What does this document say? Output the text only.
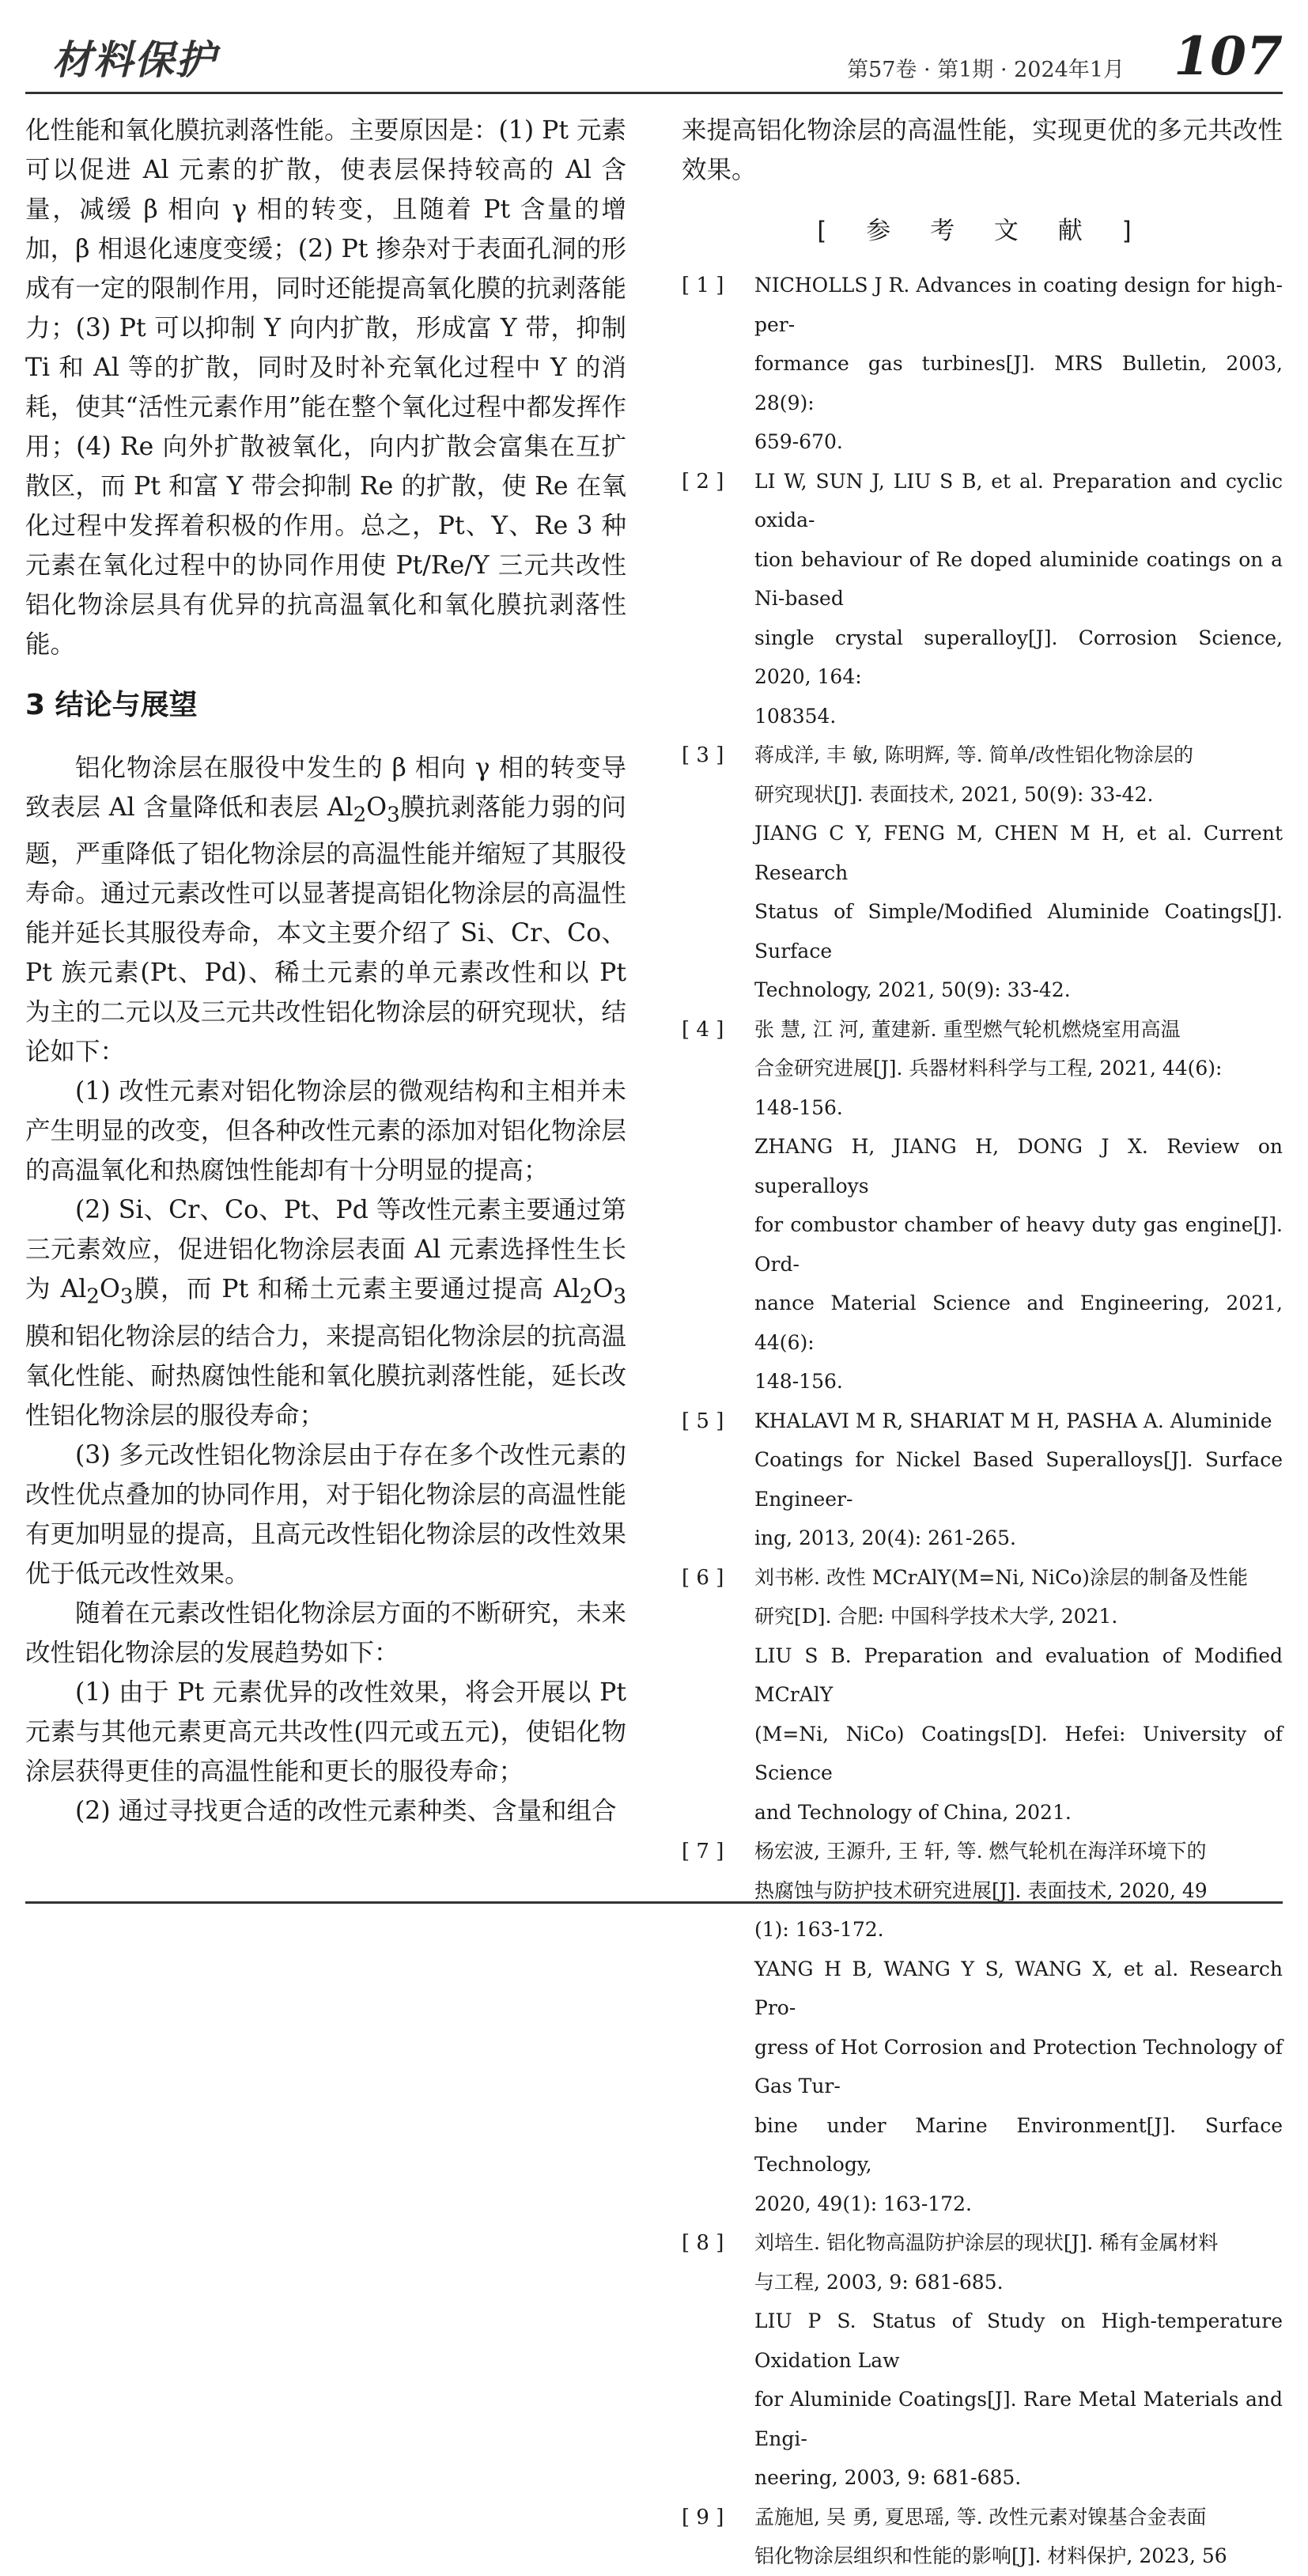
材料保护	第57卷 · 第1期 · 2024年1月 107

化性能和氧化膜抗剥落性能。主要原因是：(1) Pt 元素可以促进 Al 元素的扩散，使表层保持较高的 Al 含量，减缓 β 相向 γ 相的转变，且随着 Pt 含量的增加，β 相退化速度变缓；(2) Pt 掺杂对于表面孔洞的形成有一定的限制作用，同时还能提高氧化膜的抗剥落能力；(3) Pt 可以抑制 Y 向内扩散，形成富 Y 带，抑制 Ti 和 Al 等的扩散，同时及时补充氧化过程中 Y 的消耗，使其“活性元素作用”能在整个氧化过程中都发挥作用；(4) Re 向外扩散被氧化，向内扩散会富集在互扩散区，而 Pt 和富 Y 带会抑制 Re 的扩散，使 Re 在氧化过程中发挥着积极的作用。总之，Pt、Y、Re 3 种元素在氧化过程中的协同作用使 Pt/Re/Y 三元共改性铝化物涂层具有优异的抗高温氧化和氧化膜抗剥落性能。

3 结论与展望

铝化物涂层在服役中发生的 β 相向 γ 相的转变导致表层 Al 含量降低和表层 $Al_2O_3$膜抗剥落能力弱的问题，严重降低了铝化物涂层的高温性能并缩短了其服役寿命。通过元素改性可以显著提高铝化物涂层的高温性能并延长其服役寿命，本文主要介绍了 Si、Cr、Co、Pt 族元素(Pt、Pd)、稀土元素的单元素改性和以 Pt 为主的二元以及三元共改性铝化物涂层的研究现状，结论如下：

(1) 改性元素对铝化物涂层的微观结构和主相并未产生明显的改变，但各种改性元素的添加对铝化物涂层的高温氧化和热腐蚀性能却有十分明显的提高；

(2) Si、Cr、Co、Pt、Pd 等改性元素主要通过第三元素效应，促进铝化物涂层表面 Al 元素选择性生长为 $Al_2O_3$膜，而 Pt 和稀土元素主要通过提高 $Al_2O_3$膜和铝化物涂层的结合力，来提高铝化物涂层的抗高温氧化性能、耐热腐蚀性能和氧化膜抗剥落性能，延长改性铝化物涂层的服役寿命；

(3) 多元改性铝化物涂层由于存在多个改性元素的改性优点叠加的协同作用，对于铝化物涂层的高温性能有更加明显的提高，且高元改性铝化物涂层的改性效果优于低元改性效果。

随着在元素改性铝化物涂层方面的不断研究，未来改性铝化物涂层的发展趋势如下：

(1) 由于 Pt 元素优异的改性效果，将会开展以 Pt 元素与其他元素更高元共改性(四元或五元)，使铝化物涂层获得更佳的高温性能和更长的服役寿命；

(2) 通过寻找更合适的改性元素种类、含量和组合

来提高铝化物涂层的高温性能，实现更优的多元共改性效果。

[ 参 考 文 献 ]
[ 1 ]	NICHOLLS J R. Advances in coating design for high-per-
formance gas turbines[J]. MRS Bulletin, 2003, 28(9):
659-670.
[ 2 ]	LI W, SUN J, LIU S B, et al. Preparation and cyclic oxida-
tion behaviour of Re doped aluminide coatings on a Ni-based
single crystal superalloy[J]. Corrosion Science, 2020, 164:
108354.
[ 3 ]	蒋成洋, 丰 敏, 陈明辉, 等. 简单/改性铝化物涂层的
研究现状[J]. 表面技术, 2021, 50(9): 33-42.
JIANG C Y, FENG M, CHEN M H, et al. Current Research
Status of Simple/Modified Aluminide Coatings[J]. Surface
Technology, 2021, 50(9): 33-42.
[ 4 ]	张 慧, 江 河, 董建新. 重型燃气轮机燃烧室用高温
合金研究进展[J]. 兵器材料科学与工程, 2021, 44(6):
148-156.
ZHANG H, JIANG H, DONG J X. Review on superalloys
for combustor chamber of heavy duty gas engine[J]. Ord-
nance Material Science and Engineering, 2021, 44(6):
148-156.
[ 5 ]	KHALAVI M R, SHARIAT M H, PASHA A. Aluminide
Coatings for Nickel Based Superalloys[J]. Surface Engineer-
ing, 2013, 20(4): 261-265.
[ 6 ]	刘书彬. 改性 MCrAlY(M=Ni, NiCo)涂层的制备及性能
研究[D]. 合肥: 中国科学技术大学, 2021.
LIU S B. Preparation and evaluation of Modified MCrAlY
(M=Ni, NiCo) Coatings[D]. Hefei: University of Science
and Technology of China, 2021.
[ 7 ]	杨宏波, 王源升, 王 轩, 等. 燃气轮机在海洋环境下的
热腐蚀与防护技术研究进展[J]. 表面技术, 2020, 49
(1): 163-172.
YANG H B, WANG Y S, WANG X, et al. Research Pro-
gress of Hot Corrosion and Protection Technology of Gas Tur-
bine under Marine Environment[J]. Surface Technology,
2020, 49(1): 163-172.
[ 8 ]	刘培生. 铝化物高温防护涂层的现状[J]. 稀有金属材料
与工程, 2003, 9: 681-685.
LIU P S. Status of Study on High-temperature Oxidation Law
for Aluminide Coatings[J]. Rare Metal Materials and Engi-
neering, 2003, 9: 681-685.
[ 9 ]	孟施旭, 吴 勇, 夏思瑶, 等. 改性元素对镍基合金表面
铝化物涂层组织和性能的影响[J]. 材料保护, 2023, 56
